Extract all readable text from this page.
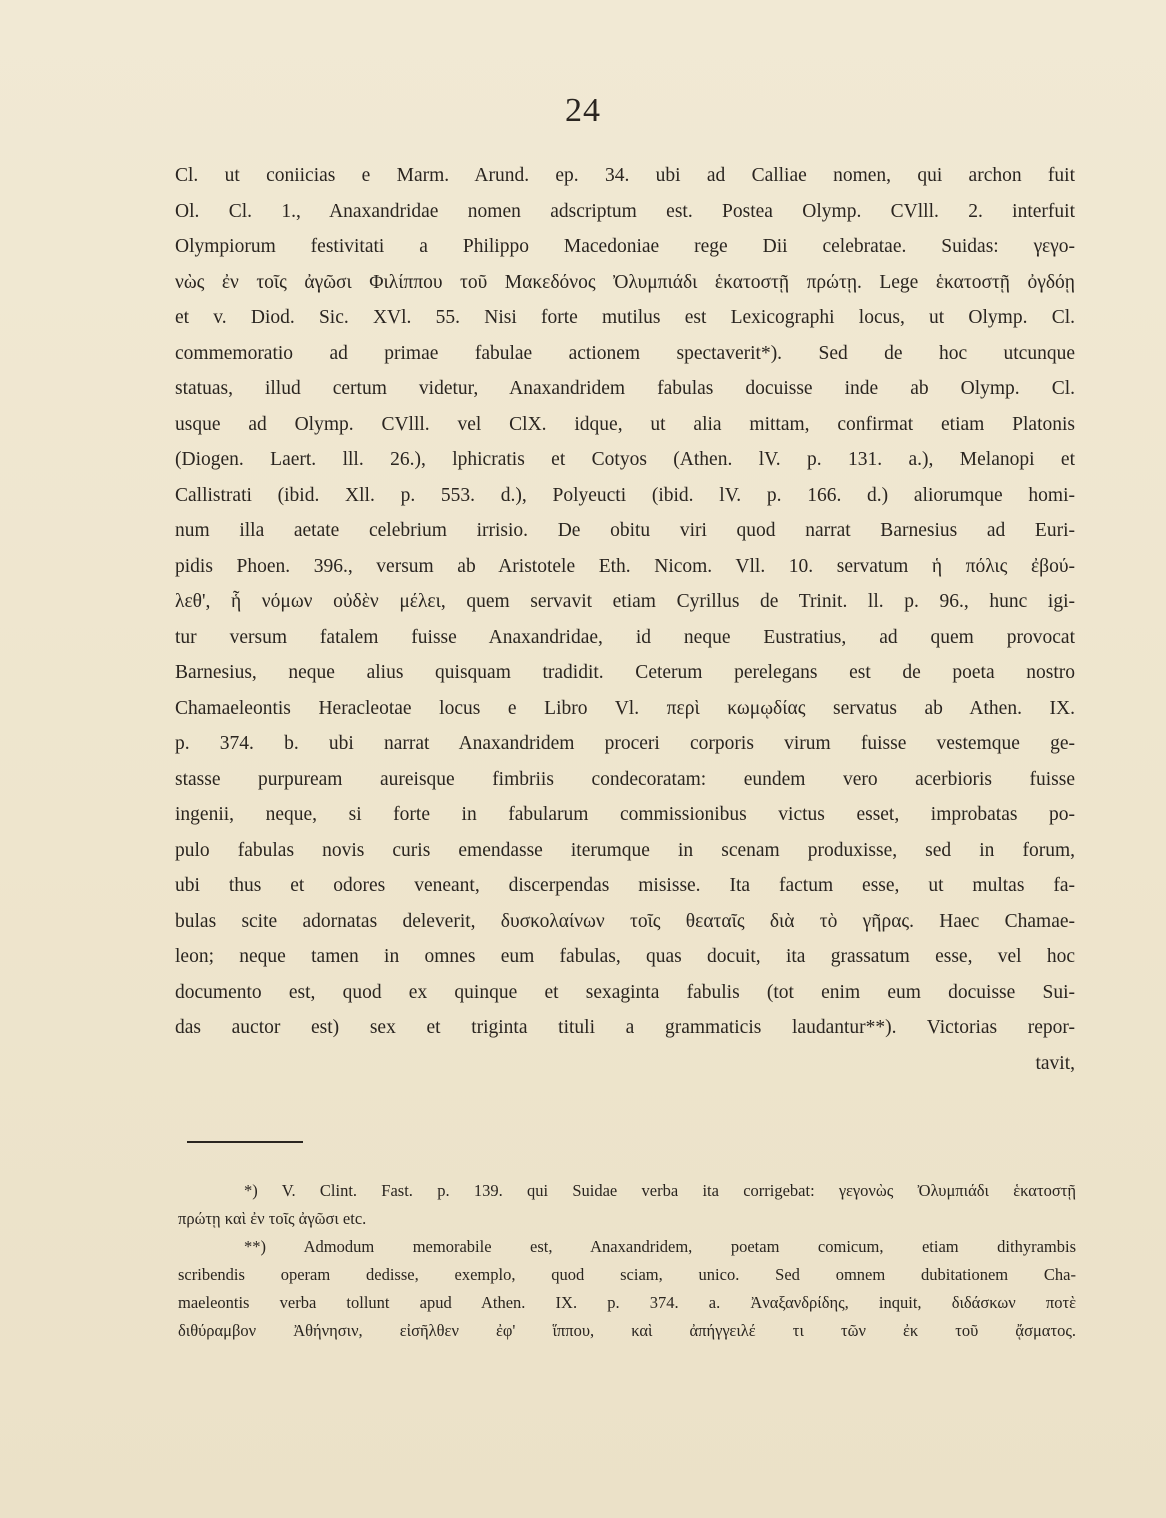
24
Cl. ut coniicias e Marm. Arund. ep. 34. ubi ad Calliae nomen, qui archon fuit
Ol. Cl. 1., Anaxandridae nomen adscriptum est. Postea Olymp. CVlll. 2. interfuit
Olympiorum festivitati a Philippo Macedoniae rege Dii celebratae. Suidas: γεγο-
νὼς ἐν τοῖς ἀγῶσι Φιλίππου τοῦ Μακεδόνος Ὀλυμπιάδι ἑκατοστῇ πρώτῃ. Lege ἑκατοστῇ ὀγδόῃ
et v. Diod. Sic. XVl. 55. Nisi forte mutilus est Lexicographi locus, ut Olymp. Cl.
commemoratio ad primae fabulae actionem spectaverit*). Sed de hoc utcunque
statuas, illud certum videtur, Anaxandridem fabulas docuisse inde ab Olymp. Cl.
usque ad Olymp. CVlll. vel ClX. idque, ut alia mittam, confirmat etiam Platonis
(Diogen. Laert. lll. 26.), lphicratis et Cotyos (Athen. lV. p. 131. a.), Melanopi et
Callistrati (ibid. Xll. p. 553. d.), Polyeucti (ibid. lV. p. 166. d.) aliorumque homi-
num illa aetate celebrium irrisio. De obitu viri quod narrat Barnesius ad Euri-
pidis Phoen. 396., versum ab Aristotele Eth. Nicom. Vll. 10. servatum ἡ πόλις ἐβού-
λεθ', ἧ νόμων οὐδὲν μέλει, quem servavit etiam Cyrillus de Trinit. ll. p. 96., hunc igi-
tur versum fatalem fuisse Anaxandridae, id neque Eustratius, ad quem provocat
Barnesius, neque alius quisquam tradidit. Ceterum perelegans est de poeta nostro
Chamaeleontis Heracleotae locus e Libro Vl. περὶ κωμῳδίας servatus ab Athen. IX.
p. 374. b. ubi narrat Anaxandridem proceri corporis virum fuisse vestemque ge-
stasse purpuream aureisque fimbriis condecoratam: eundem vero acerbioris fuisse
ingenii, neque, si forte in fabularum commissionibus victus esset, improbatas po-
pulo fabulas novis curis emendasse iterumque in scenam produxisse, sed in forum,
ubi thus et odores veneant, discerpendas misisse. Ita factum esse, ut multas fa-
bulas scite adornatas deleverit, δυσκολαίνων τοῖς θεαταῖς διὰ τὸ γῆρας. Haec Chamae-
leon; neque tamen in omnes eum fabulas, quas docuit, ita grassatum esse, vel hoc
documento est, quod ex quinque et sexaginta fabulis (tot enim eum docuisse Sui-
das auctor est) sex et triginta tituli a grammaticis laudantur**). Victorias repor-
tavit,
*) V. Clint. Fast. p. 139. qui Suidae verba ita corrigebat: γεγονὼς Ὀλυμπιάδι ἑκατοστῇ
πρώτῃ καὶ ἐν τοῖς ἀγῶσι etc.
**) Admodum memorabile est, Anaxandridem, poetam comicum, etiam dithyrambis
scribendis operam dedisse, exemplo, quod sciam, unico. Sed omnem dubitationem Cha-
maeleontis verba tollunt apud Athen. IX. p. 374. a. Ἀναξανδρίδης, inquit, διδάσκων ποτὲ
διθύραμβον Ἀθήνησιν, εἰσῆλθεν ἐφ' ἵππου, καὶ ἀπήγγειλέ τι τῶν ἐκ τοῦ ᾄσματος.
